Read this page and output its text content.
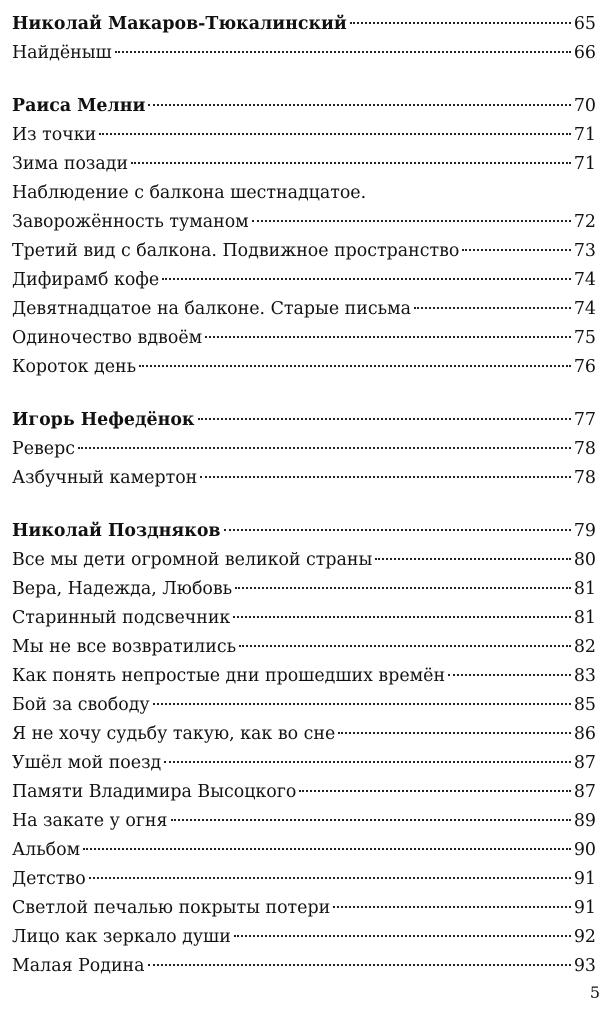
Николай Макаров-Тюкалинский	65
Найдёныш	66
Раиса Мелни	70
Из точки	71
Зима позади	71
Наблюдение с балкона шестнадцатое.
Заворожённость туманом	72
Третий вид с балкона. Подвижное пространство	73
Дифирамб кофе	74
Девятнадцатое на балконе. Старые письма	74
Одиночество вдвоём	75
Короток день	76
Игорь Нефедёнок	77
Реверс	78
Азбучный камертон	78
Николай Поздняков	79
Все мы дети огромной великой страны	80
Вера, Надежда, Любовь	81
Старинный подсвечник	81
Мы не все возвратились	82
Как понять непростые дни прошедших времён	83
Бой за свободу	85
Я не хочу судьбу такую, как во сне	86
Ушёл мой поезд	87
Памяти Владимира Высоцкого	87
На закате у огня	89
Альбом	90
Детство	91
Светлой печалью покрыты потери	91
Лицо как зеркало души	92
Малая Родина	93
5
